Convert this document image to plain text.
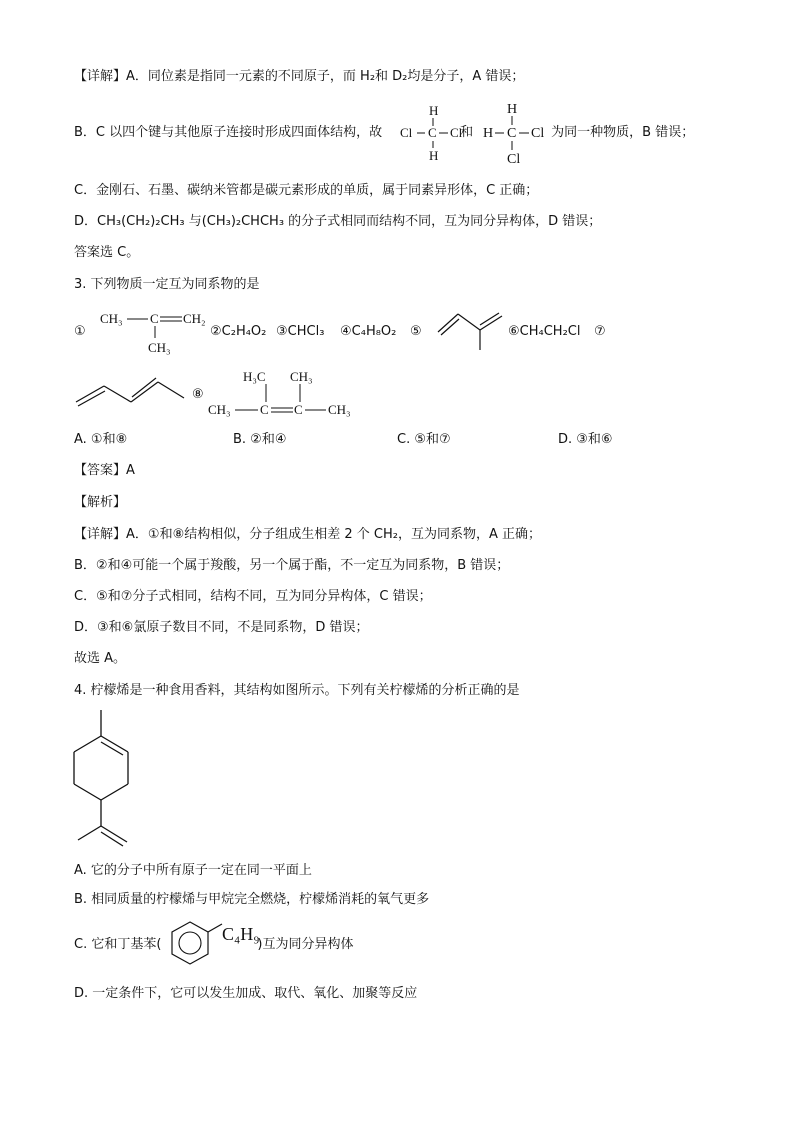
【详解】A．同位素是指同一元素的不同原子，而 H₂和 D₂均是分子，A 错误；
B．C 以四个键与其他原子连接时形成四面体结构，故	和	为同一种物质，B 错误；
H
Cl C Cl
H
H
H C Cl
Cl
C．金刚石、石墨、碳纳米管都是碳元素形成的单质，属于同素异形体，C 正确；
D．CH₃(CH₂)₂CH₃ 与(CH₃)₂CHCH₃ 的分子式相同而结构不同，互为同分异构体，D 错误；
答案选 C。
3. 下列物质一定互为同系物的是
①
CH₃ C CH₂
CH₃
②C₂H₄O₂ ③CHCl₃ ④C₄H₈O₂ ⑤	⑥CH₄CH₂Cl ⑦
⑧
H₃C CH₃
CH₃ C C CH₃
A. ①和⑧	B. ②和④	C. ⑤和⑦	D. ③和⑥
【答案】A
【解析】
【详解】A．①和⑧结构相似，分子组成生相差 2 个 CH₂，互为同系物，A 正确；
B．②和④可能一个属于羧酸，另一个属于酯，不一定互为同系物，B 错误；
C．⑤和⑦分子式相同，结构不同，互为同分异构体，C 错误；
D．③和⑥氯原子数目不同，不是同系物，D 错误；
故选 A。
4. 柠檬烯是一种食用香料，其结构如图所示。下列有关柠檬烯的分析正确的是
A. 它的分子中所有原子一定在同一平面上
B. 相同质量的柠檬烯与甲烷完全燃烧，柠檬烯消耗的氧气更多
C. 它和丁基苯(	)互为同分异构体
C₄H₉
D. 一定条件下，它可以发生加成、取代、氧化、加聚等反应
